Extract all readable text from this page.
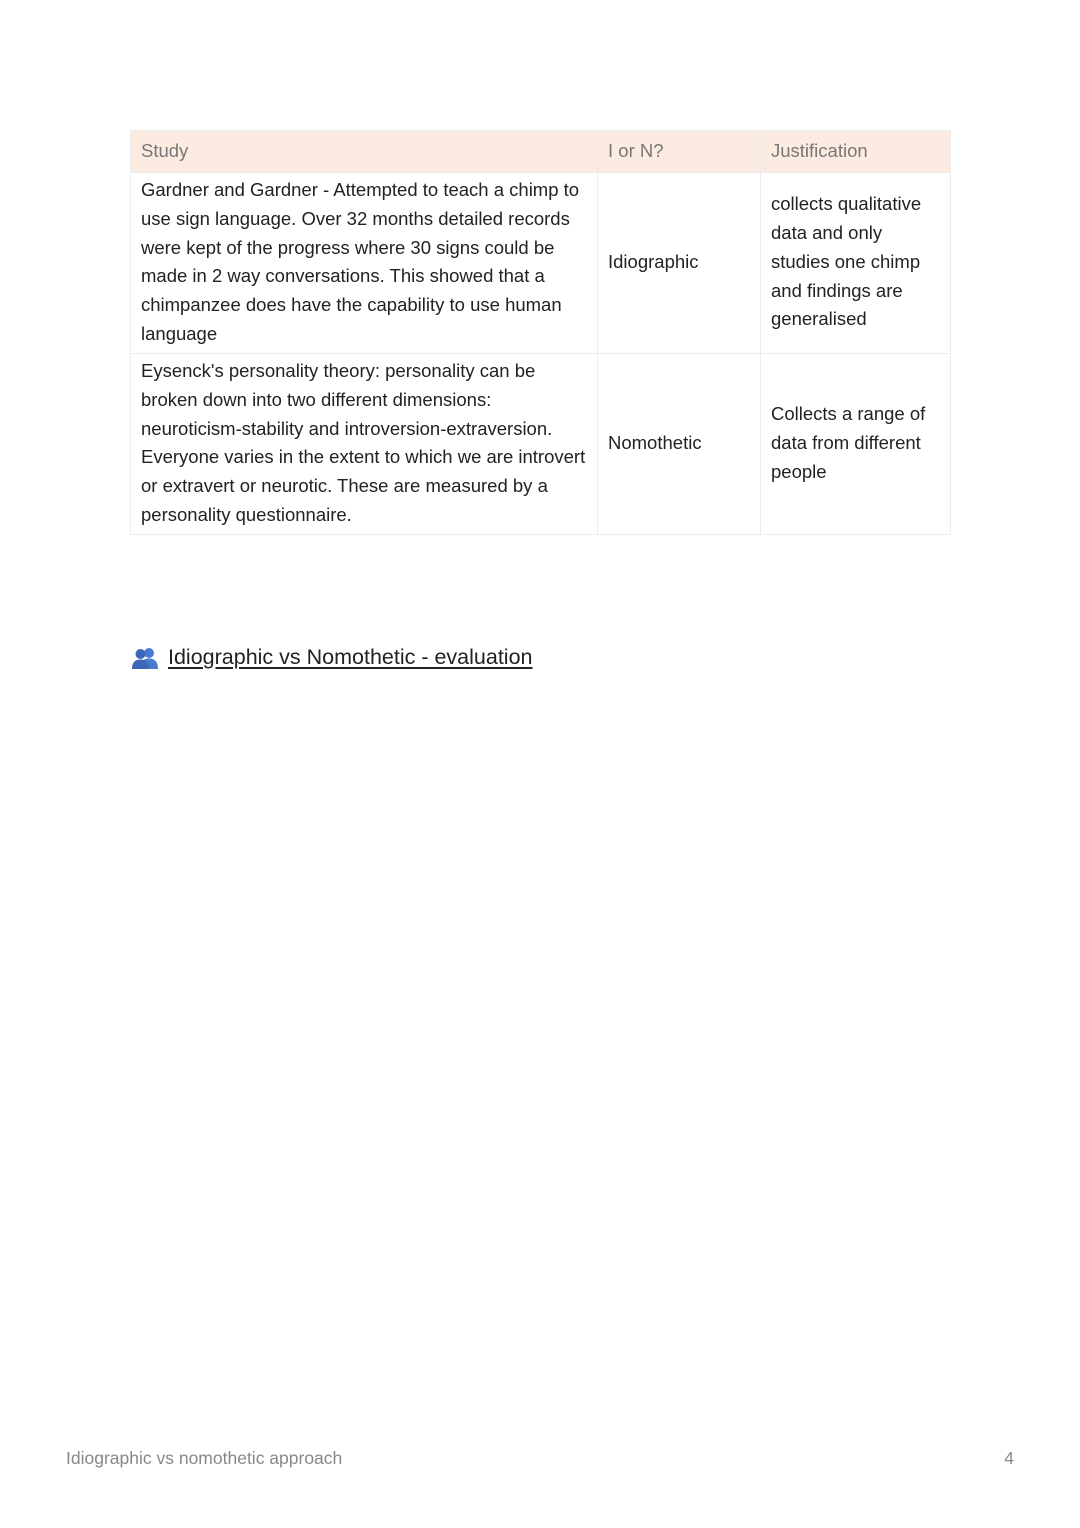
Study	I or N?	Justification
Gardner and Gardner - Attempted to teach a chimp to use sign language. Over 32 months detailed records were kept of the progress where 30 signs could be made in 2 way conversations. This showed that a chimpanzee does have the capability to use human language	Idiographic	collects qualitative data and only studies one chimp and findings are generalised
Eysenck's personality theory: personality can be broken down into two different dimensions: neuroticism-stability and introversion-extraversion. Everyone varies in the extent to which we are introvert or extravert or neurotic. These are measured by a personality questionnaire.	Nomothetic	Collects a range of data from different people
Idiographic vs Nomothetic - evaluation
Idiographic vs nomothetic approach	4
